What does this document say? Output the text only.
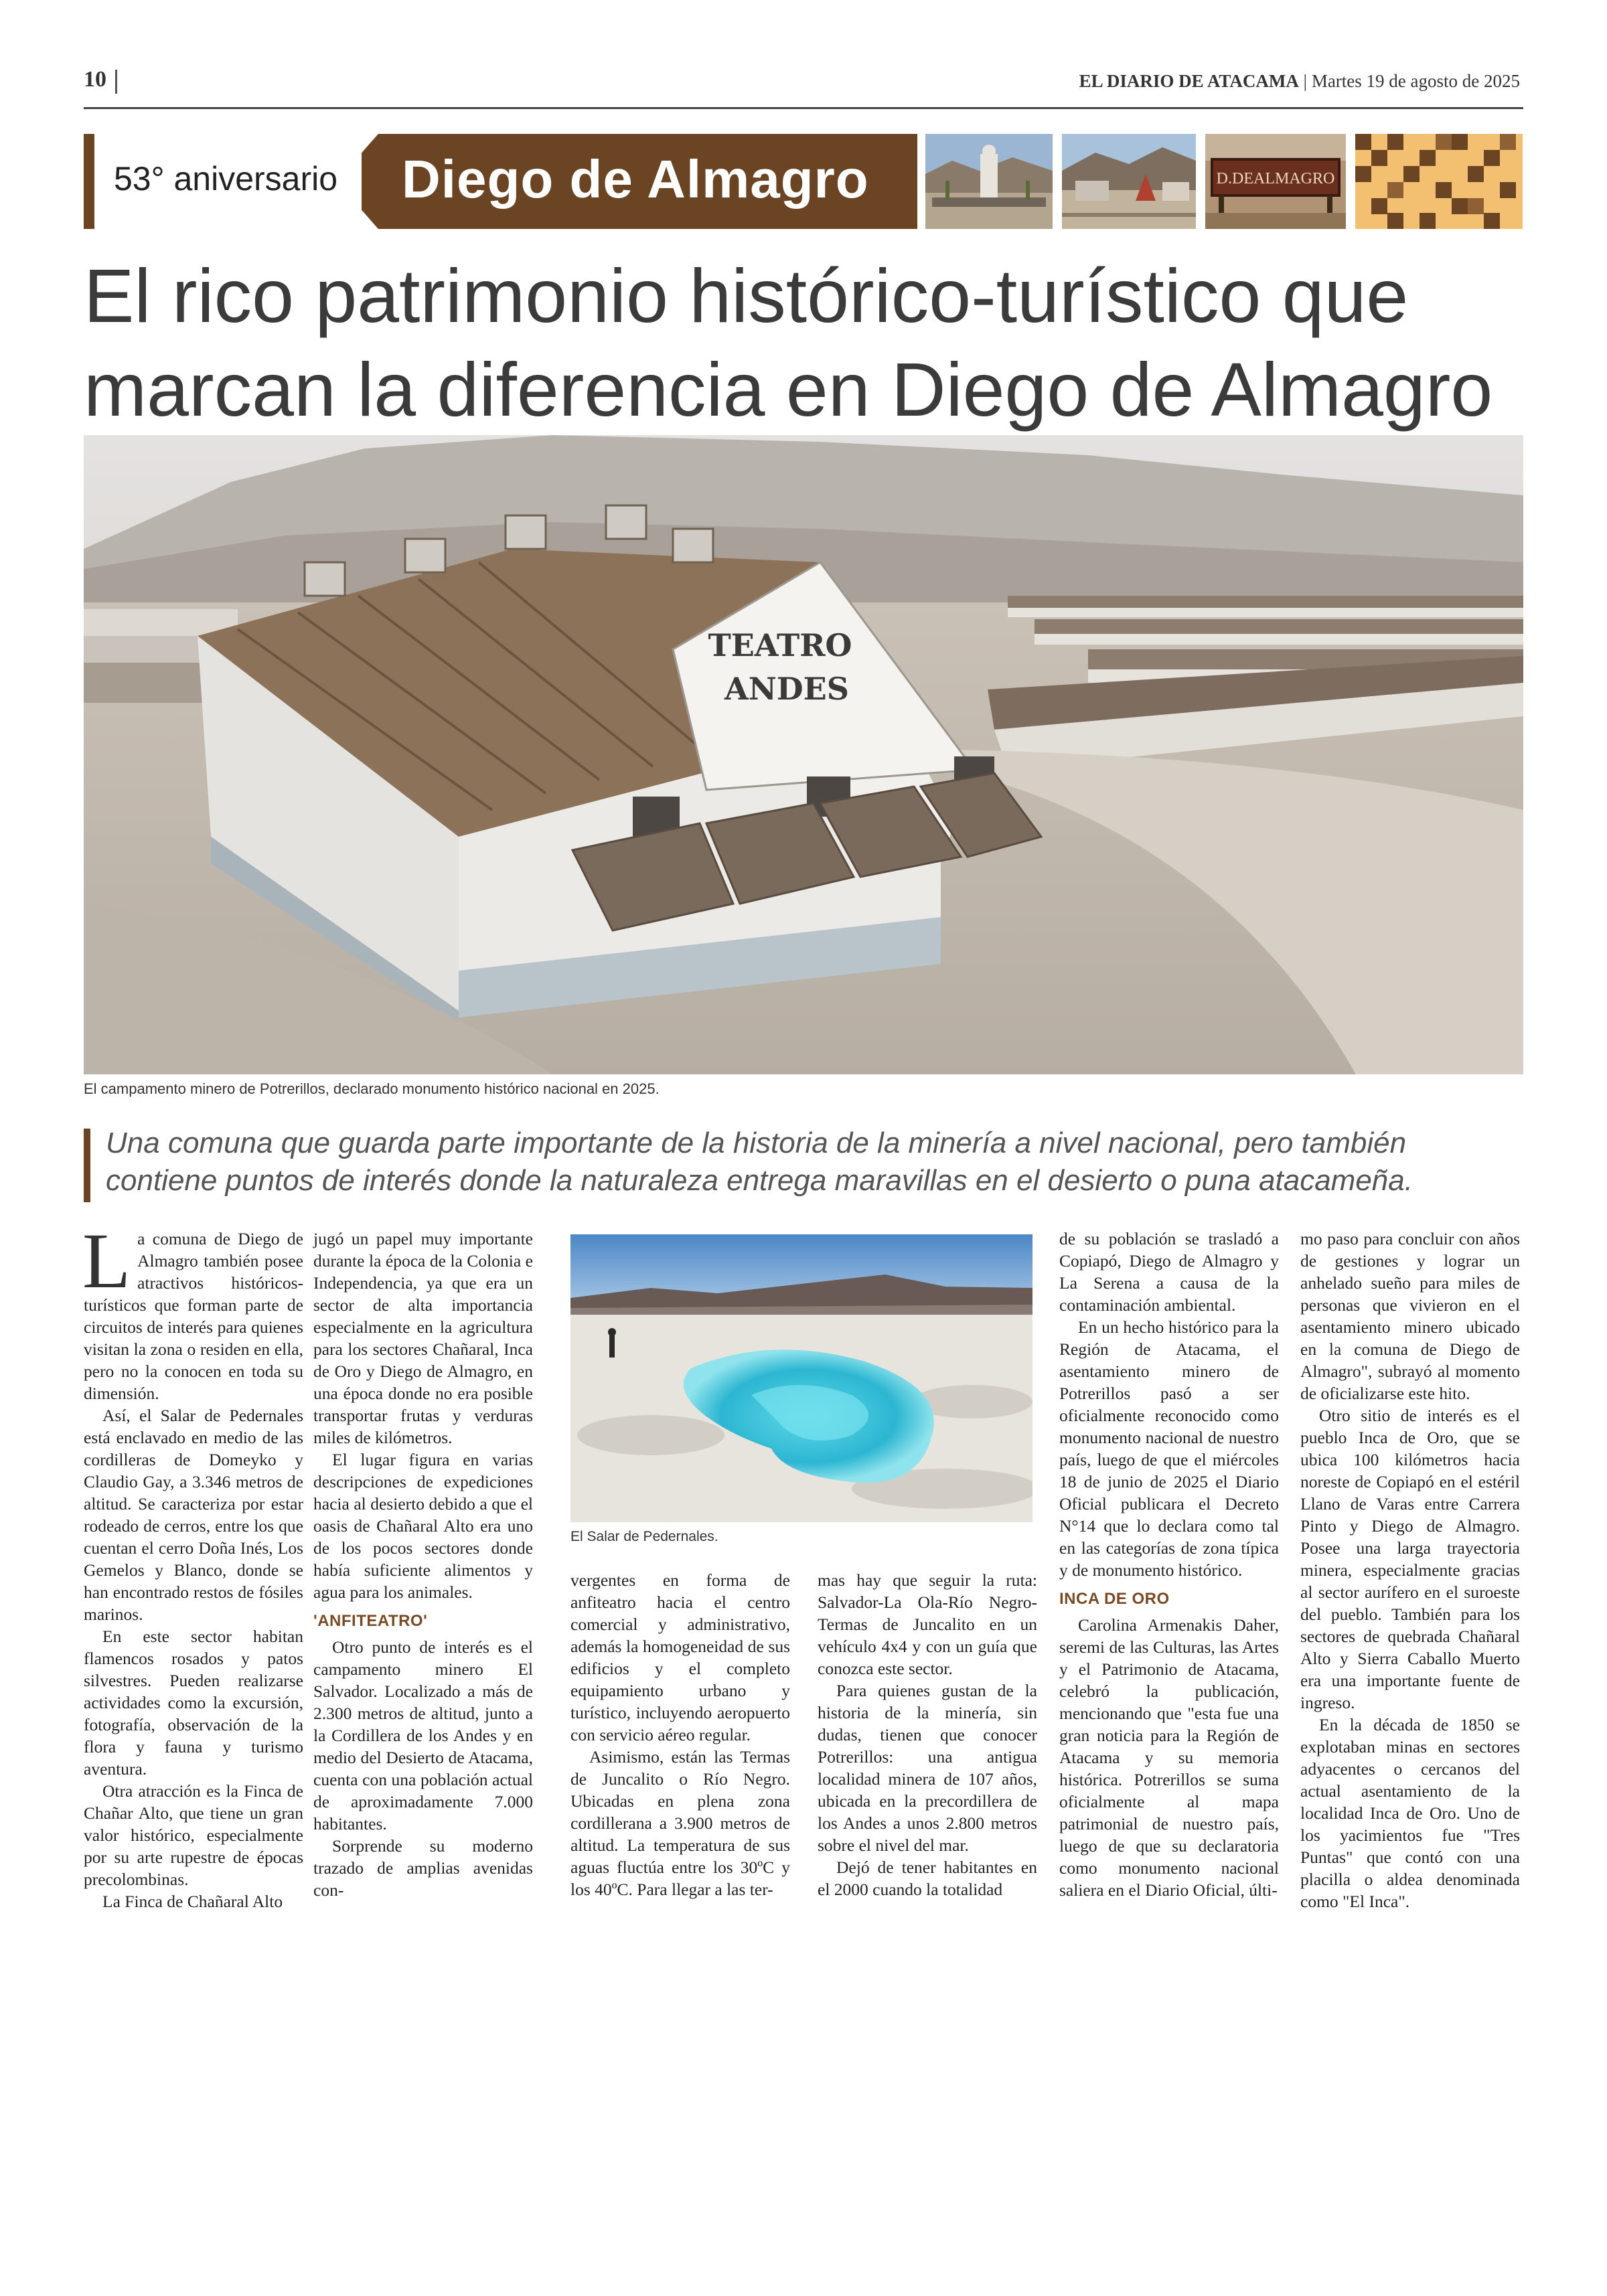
10	EL DIARIO DE ATACAMA | Martes 19 de agosto de 2025
53° aniversario Diego de Almagro	D.DEALMAGRO
El rico patrimonio histórico-turístico que marcan la diferencia en Diego de Almagro
TEATRO
ANDES
El campamento minero de Potrerillos, declarado monumento histórico nacional en 2025.
Una comuna que guarda parte importante de la historia de la minería a nivel nacional, pero también contiene puntos de interés donde la naturaleza entrega maravillas en el desierto o puna atacameña.

La comuna de Diego de Almagro también posee atractivos históricos-turísticos que forman parte de circuitos de interés para quienes visitan la zona o residen en ella, pero no la conocen en toda su dimensión.

Así, el Salar de Pedernales está enclavado en medio de las cordilleras de Domeyko y Claudio Gay, a 3.346 metros de altitud. Se caracteriza por estar rodeado de cerros, entre los que cuentan el cerro Doña Inés, Los Gemelos y Blanco, donde se han encontrado restos de fósiles marinos.

En este sector habitan flamencos rosados y patos silvestres. Pueden realizarse actividades como la excursión, fotografía, observación de la flora y fauna y turismo aventura.

Otra atracción es la Finca de Chañar Alto, que tiene un gran valor histórico, especialmente por su arte rupestre de épocas precolombinas.

La Finca de Chañaral Alto

jugó un papel muy importante durante la época de la Colonia e Independencia, ya que era un sector de alta importancia especialmente en la agricultura para los sectores Chañaral, Inca de Oro y Diego de Almagro, en una época donde no era posible transportar frutas y verduras miles de kilómetros.

El lugar figura en varias descripciones de expediciones hacia al desierto debido a que el oasis de Chañaral Alto era uno de los pocos sectores donde había suficiente alimentos y agua para los animales.

'ANFITEATRO'

Otro punto de interés es el campamento minero El Salvador. Localizado a más de 2.300 metros de altitud, junto a la Cordillera de los Andes y en medio del Desierto de Atacama, cuenta con una población actual de aproximadamente 7.000 habitantes.

Sorprende su moderno trazado de amplias avenidas con-

El Salar de Pedernales.

vergentes en forma de anfiteatro hacia el centro comercial y administrativo, además la homogeneidad de sus edificios y el completo equipamiento urbano y turístico, incluyendo aeropuerto con servicio aéreo regular.

Asimismo, están las Termas de Juncalito o Río Negro. Ubicadas en plena zona cordillerana a 3.900 metros de altitud. La temperatura de sus aguas fluctúa entre los 30ºC y los 40ºC. Para llegar a las ter-

mas hay que seguir la ruta: Salvador-La Ola-Río Negro-Termas de Juncalito en un vehículo 4x4 y con un guía que conozca este sector.

Para quienes gustan de la historia de la minería, sin dudas, tienen que conocer Potrerillos: una antigua localidad minera de 107 años, ubicada en la precordillera de los Andes a unos 2.800 metros sobre el nivel del mar.

Dejó de tener habitantes en el 2000 cuando la totalidad

de su población se trasladó a Copiapó, Diego de Almagro y La Serena a causa de la contaminación ambiental.

En un hecho histórico para la Región de Atacama, el asentamiento minero de Potrerillos pasó a ser oficialmente reconocido como monumento nacional de nuestro país, luego de que el miércoles 18 de junio de 2025 el Diario Oficial publicara el Decreto N°14 que lo declara como tal en las categorías de zona típica y de monumento histórico.

INCA DE ORO

Carolina Armenakis Daher, seremi de las Culturas, las Artes y el Patrimonio de Atacama, celebró la publicación, mencionando que "esta fue una gran noticia para la Región de Atacama y su memoria histórica. Potrerillos se suma oficialmente al mapa patrimonial de nuestro país, luego de que su declaratoria como monumento nacional saliera en el Diario Oficial, últi-

mo paso para concluir con años de gestiones y lograr un anhelado sueño para miles de personas que vivieron en el asentamiento minero ubicado en la comuna de Diego de Almagro", subrayó al momento de oficializarse este hito.

Otro sitio de interés es el pueblo Inca de Oro, que se ubica 100 kilómetros hacia noreste de Copiapó en el estéril Llano de Varas entre Carrera Pinto y Diego de Almagro. Posee una larga trayectoria minera, especialmente gracias al sector aurífero en el suroeste del pueblo. También para los sectores de quebrada Chañaral Alto y Sierra Caballo Muerto era una importante fuente de ingreso.

En la década de 1850 se explotaban minas en sectores adyacentes o cercanos del actual asentamiento de la localidad Inca de Oro. Uno de los yacimientos fue "Tres Puntas" que contó con una placilla o aldea denominada como "El Inca".
